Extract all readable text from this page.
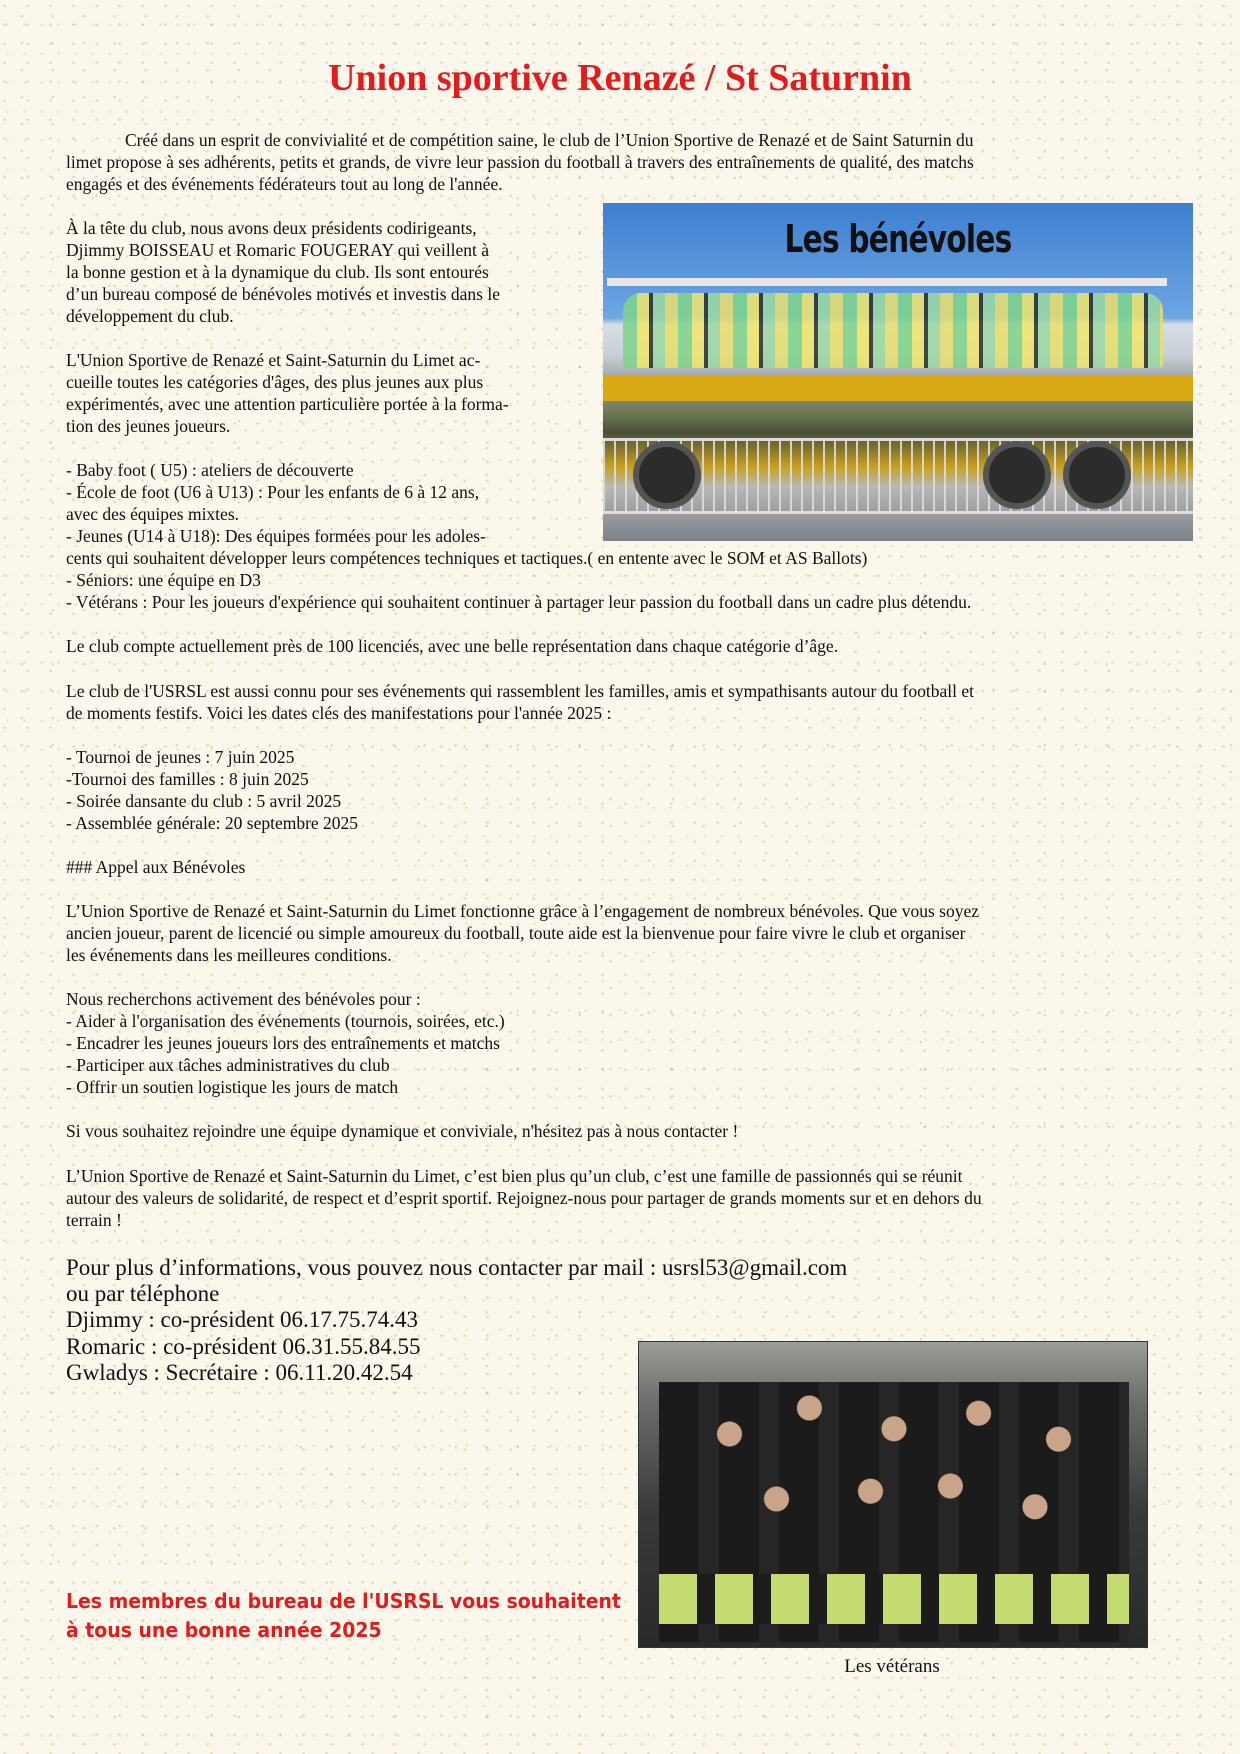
Union sportive Renazé / St Saturnin

Créé dans un esprit de convivialité et de compétition saine, le club de l’Union Sportive de Renazé et de Saint Saturnin du

limet propose à ses adhérents, petits et grands, de vivre leur passion du football à travers des entraînements de qualité, des matchs

engagés et des événements fédérateurs tout au long de l'année.

Les bénévoles

À la tête du club, nous avons deux présidents codirigeants,

Djimmy BOISSEAU et Romaric FOUGERAY qui veillent à

la bonne gestion et à la dynamique du club. Ils sont entourés

d’un bureau composé de bénévoles motivés et investis dans le

développement du club.

L'Union Sportive de Renazé et Saint-Saturnin du Limet ac-

cueille toutes les catégories d'âges, des plus jeunes aux plus

expérimentés, avec une attention particulière portée à la forma-

tion des jeunes joueurs.

- Baby foot ( U5) : ateliers de découverte

- École de foot (U6 à U13) : Pour les enfants de 6 à 12 ans,

avec des équipes mixtes.

- Jeunes (U14 à U18): Des équipes formées pour les adoles-

cents qui souhaitent développer leurs compétences techniques et tactiques.( en entente avec le SOM et AS Ballots)

- Séniors: une équipe en D3

- Vétérans : Pour les joueurs d'expérience qui souhaitent continuer à partager leur passion du football dans un cadre plus détendu.

Le club compte actuellement près de 100 licenciés, avec une belle représentation dans chaque catégorie d’âge.

Le club de l'USRSL est aussi connu pour ses événements qui rassemblent les familles, amis et sympathisants autour du football et

de moments festifs. Voici les dates clés des manifestations pour l'année 2025 :

- Tournoi de jeunes : 7 juin 2025

-Tournoi des familles : 8 juin 2025

- Soirée dansante du club : 5 avril 2025

- Assemblée générale: 20 septembre 2025

### Appel aux Bénévoles

L’Union Sportive de Renazé et Saint-Saturnin du Limet fonctionne grâce à l’engagement de nombreux bénévoles. Que vous soyez

ancien joueur, parent de licencié ou simple amoureux du football, toute aide est la bienvenue pour faire vivre le club et organiser

les événements dans les meilleures conditions.

Nous recherchons activement des bénévoles pour :

- Aider à l'organisation des événements (tournois, soirées, etc.)

- Encadrer les jeunes joueurs lors des entraînements et matchs

- Participer aux tâches administratives du club

- Offrir un soutien logistique les jours de match

Si vous souhaitez rejoindre une équipe dynamique et conviviale, n'hésitez pas à nous contacter !

L’Union Sportive de Renazé et Saint-Saturnin du Limet, c’est bien plus qu’un club, c’est une famille de passionnés qui se réunit

autour des valeurs de solidarité, de respect et d’esprit sportif. Rejoignez-nous pour partager de grands moments sur et en dehors du

terrain !

Pour plus d’informations, vous pouvez nous contacter par mail : usrsl53@gmail.com

ou par téléphone

Djimmy : co-président 06.17.75.74.43

Romaric : co-président 06.31.55.84.55

Gwladys : Secrétaire : 06.11.20.42.54

Les vétérans
Les membres du bureau de l'USRSL vous souhaitent
à tous une bonne année 2025
